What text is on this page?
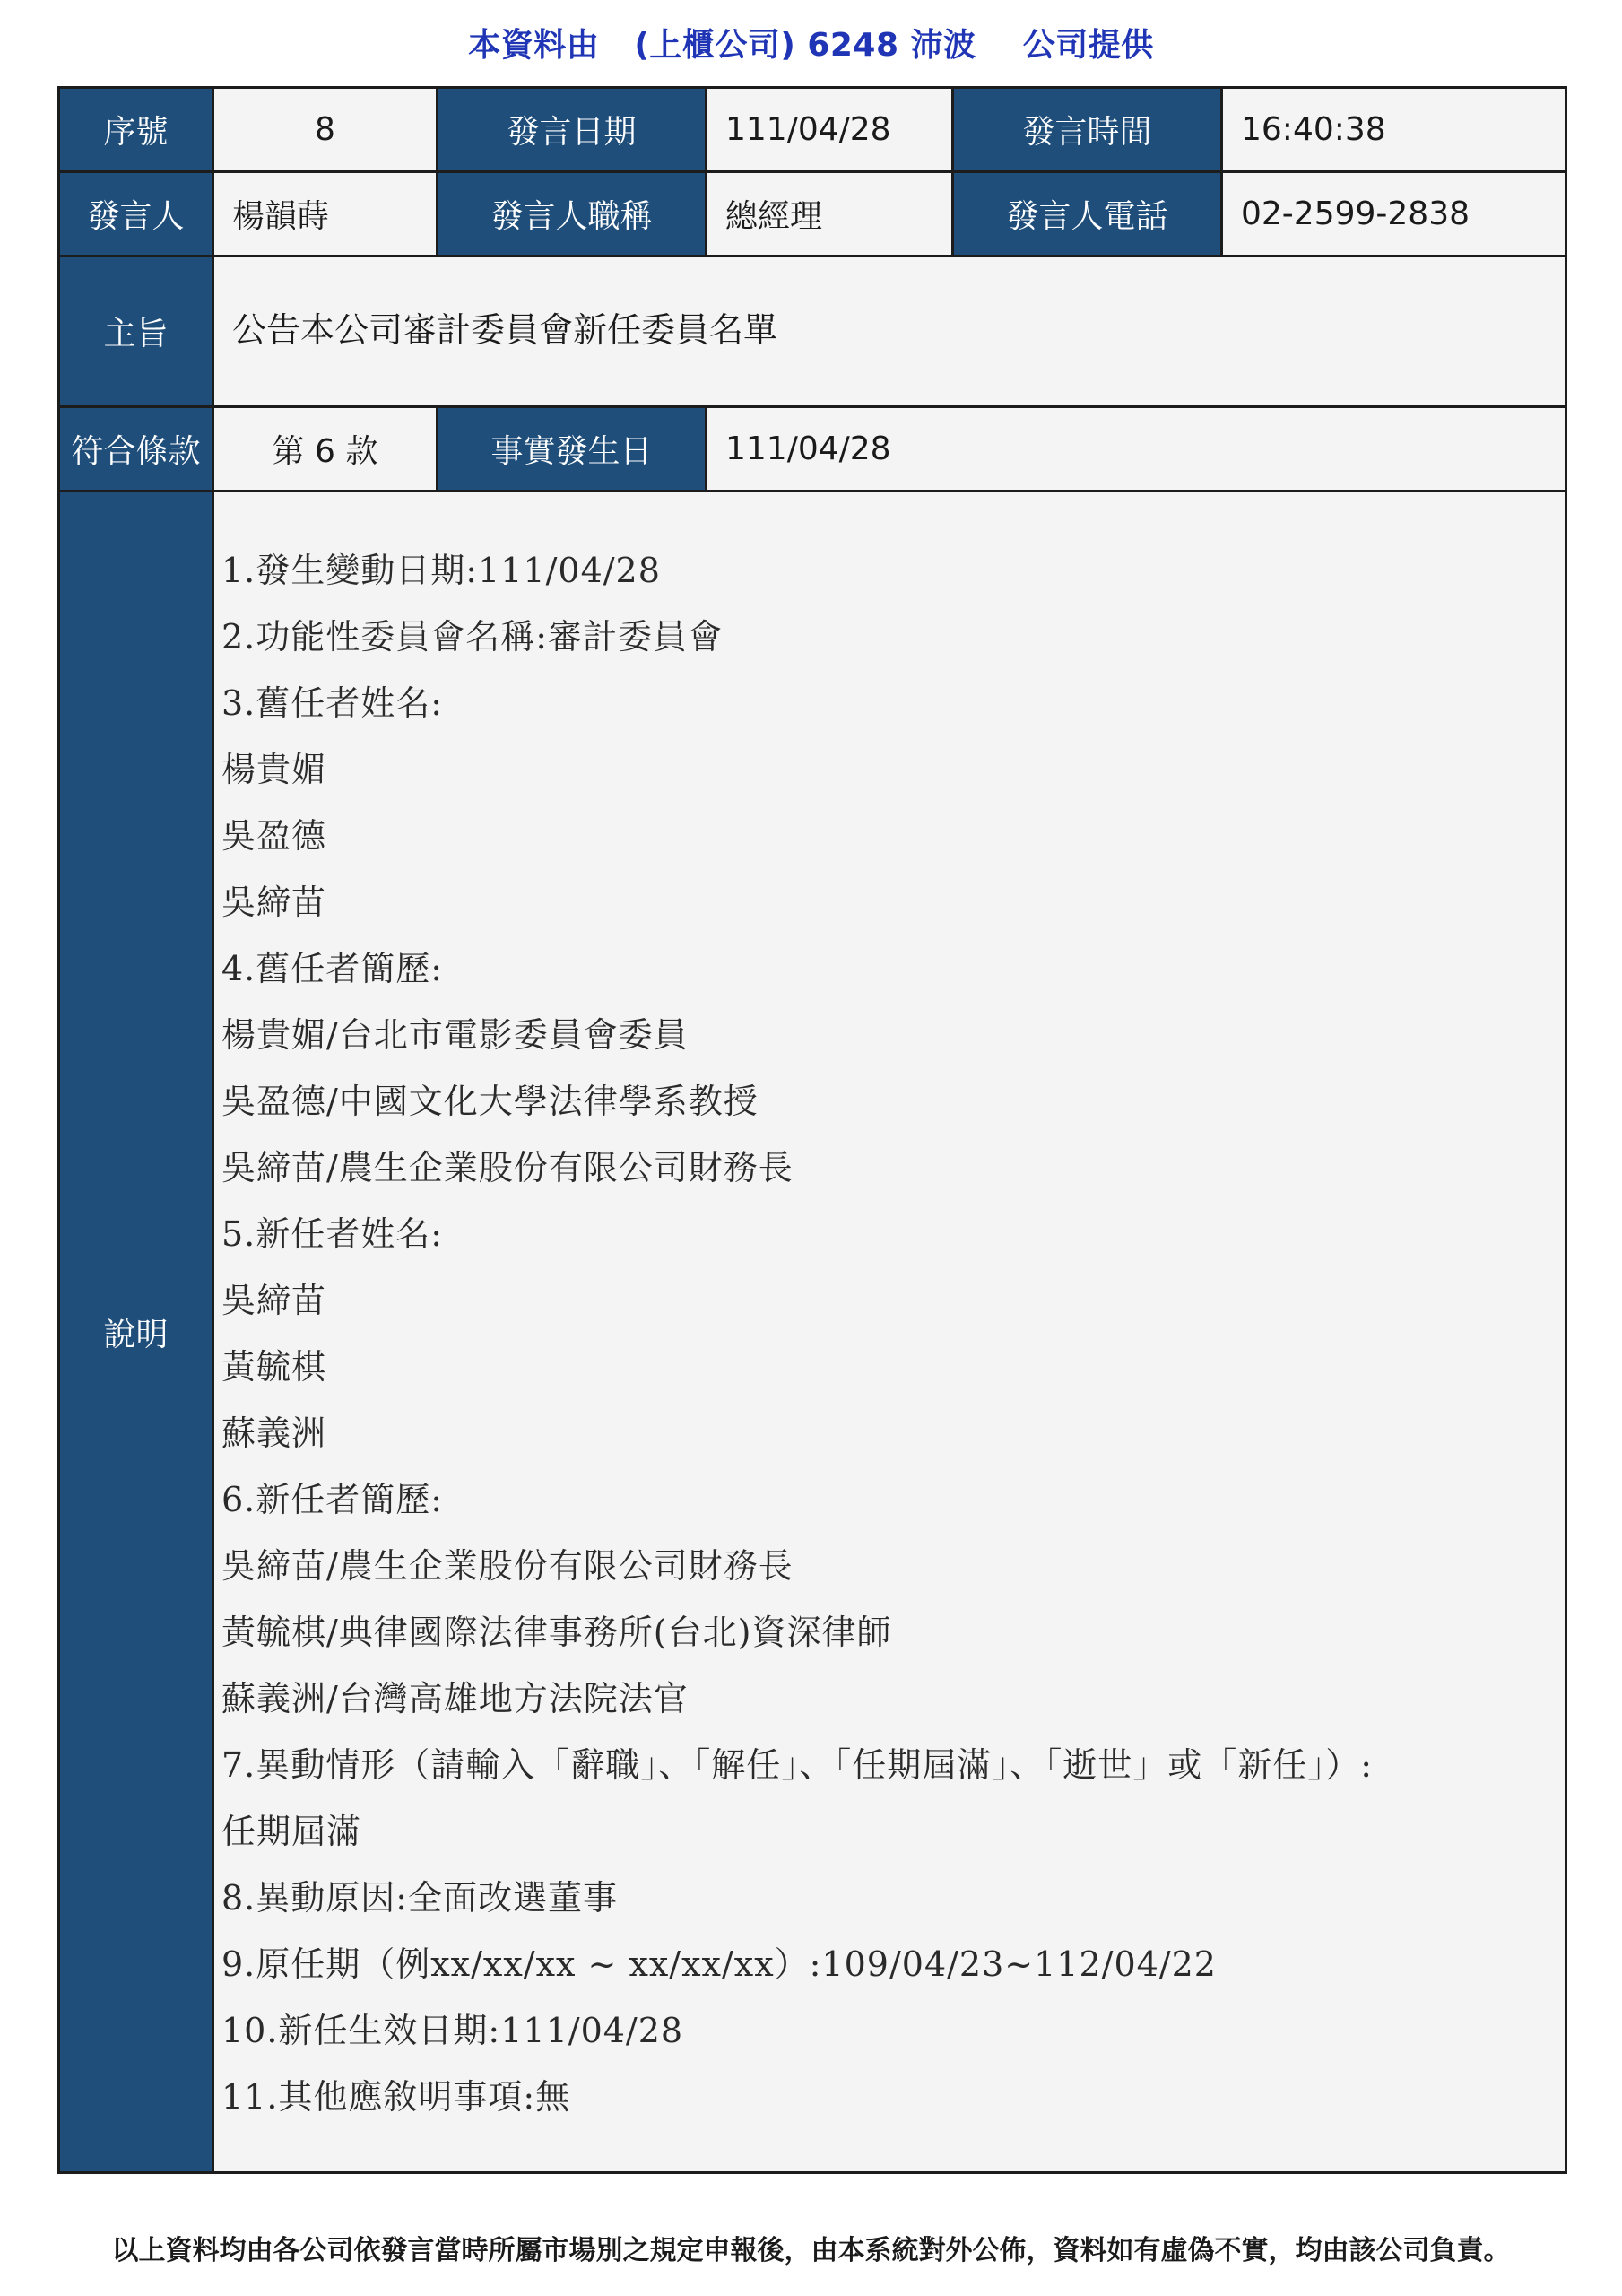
本資料由 (上櫃公司) 6248 沛波 公司提供
序號	8	發言日期	111/04/28	發言時間	16:40:38
發言人	楊韻蒔	發言人職稱	總經理	發言人電話	02-2599-2838
主旨	公告本公司審計委員會新任委員名單
符合條款	第 6 款	事實發生日	111/04/28
說明
1.發生變動日期:111/04/28
2.功能性委員會名稱:審計委員會
3.舊任者姓名:
楊貴媚
吳盈德
吳締苗
4.舊任者簡歷:
楊貴媚/台北市電影委員會委員
吳盈德/中國文化大學法律學系教授
吳締苗/農生企業股份有限公司財務長
5.新任者姓名:
吳締苗
黃毓棋
蘇義洲
6.新任者簡歷:
吳締苗/農生企業股份有限公司財務長
黃毓棋/典律國際法律事務所(台北)資深律師
蘇義洲/台灣高雄地方法院法官
7.異動情形（請輸入「辭職」、「解任」、「任期屆滿」、「逝世」或「新任」）:
任期屆滿
8.異動原因:全面改選董事
9.原任期（例xx/xx/xx ~ xx/xx/xx）:109/04/23~112/04/22
10.新任生效日期:111/04/28
11.其他應敘明事項:無
以上資料均由各公司依發言當時所屬市場別之規定申報後，由本系統對外公佈，資料如有虛偽不實，均由該公司負責。
